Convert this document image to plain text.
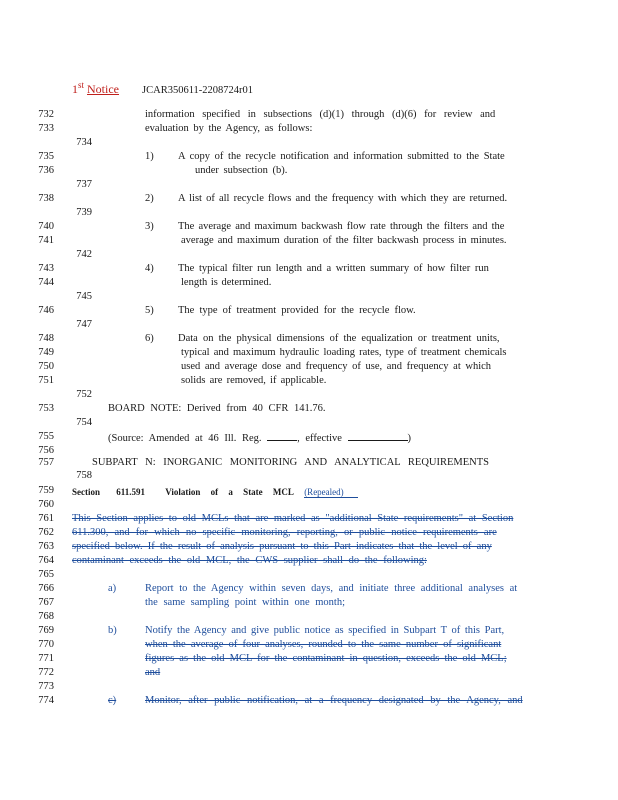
1st Notice JCAR350611-2208724r01
732
733
734
735
736
737
738
739
740
741
742
743
744
745
746
747
748
749
750
751
752
753
754
755
756
757
758
759
760
761
762
763
764
765
766
767
768
769
770
771
772
773
774
information specified in subsections (d)(1) through (d)(6) for review and
evaluation by the Agency, as follows:
1) A copy of the recycle notification and information submitted to the State
under subsection (b).
2) A list of all recycle flows and the frequency with which they are returned.
3) The average and maximum backwash flow rate through the filters and the
average and maximum duration of the filter backwash process in minutes.
4) The typical filter run length and a written summary of how filter run
length is determined.
5) The type of treatment provided for the recycle flow.
6) Data on the physical dimensions of the equalization or treatment units,
typical and maximum hydraulic loading rates, type of treatment chemicals
used and average dose and frequency of use, and frequency at which
solids are removed, if applicable.
BOARD NOTE: Derived from 40 CFR 141.76.
(Source: Amended at 46 Ill. Reg.	, effective	)
SUBPART N: INORGANIC MONITORING AND ANALYTICAL REQUIREMENTS
Section 611.591 Violation of a State MCL (Repealed)
This Section applies to old MCLs that are marked as "additional State requirements" at Section
611.300, and for which no specific monitoring, reporting, or public notice requirements are
specified below. If the result of analysis pursuant to this Part indicates that the level of any
contaminant exceeds the old MCL, the CWS supplier shall do the following:
a)	Report to the Agency within seven days, and initiate three additional analyses at
the same sampling point within one month;
b)	Notify the Agency and give public notice as specified in Subpart T of this Part,
when the average of four analyses, rounded to the same number of significant
figures as the old MCL for the contaminant in question, exceeds the old MCL;
and
c)	Monitor, after public notification, at a frequency designated by the Agency, and
